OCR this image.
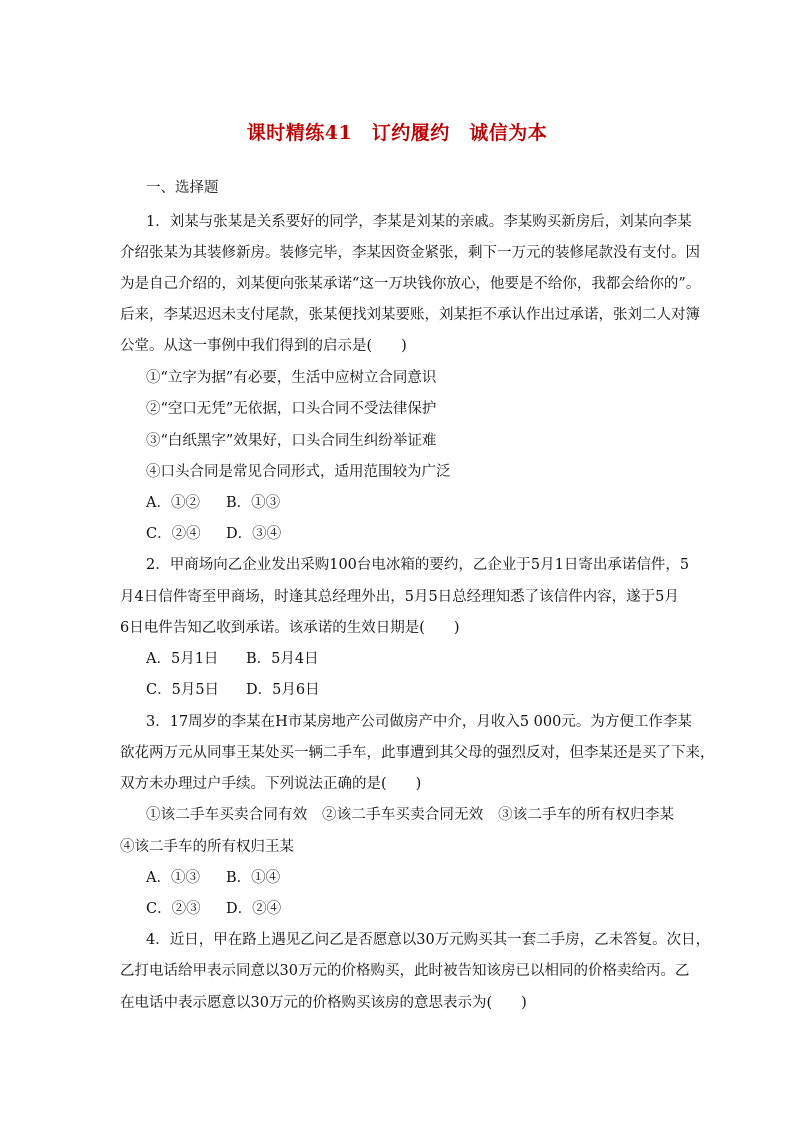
课时精练41　订约履约　诚信为本
一、选择题
1．刘某与张某是关系要好的同学，李某是刘某的亲戚。李某购买新房后，刘某向李某
介绍张某为其装修新房。装修完毕，李某因资金紧张，剩下一万元的装修尾款没有支付。因
为是自己介绍的，刘某便向张某承诺“这一万块钱你放心，他要是不给你，我都会给你的”。
后来，李某迟迟未支付尾款，张某便找刘某要账，刘某拒不承认作出过承诺，张刘二人对簿
公堂。从这一事例中我们得到的启示是(　　)
①“立字为据”有必要，生活中应树立合同意识
②“空口无凭”无依据，口头合同不受法律保护
③“白纸黑字”效果好，口头合同生纠纷举证难
④口头合同是常见合同形式，适用范围较为广泛
A．①② B．①③
C．②④ D．③④
2．甲商场向乙企业发出采购100台电冰箱的要约，乙企业于5月1日寄出承诺信件，5
月4日信件寄至甲商场，时逢其总经理外出，5月5日总经理知悉了该信件内容，遂于5月
6日电件告知乙收到承诺。该承诺的生效日期是(　　)
A．5月1日 B．5月4日
C．5月5日 D．5月6日
3．17周岁的李某在H市某房地产公司做房产中介，月收入5 000元。为方便工作李某
欲花两万元从同事王某处买一辆二手车，此事遭到其父母的强烈反对，但李某还是买了下来，
双方未办理过户手续。下列说法正确的是(　　)
①该二手车买卖合同有效　②该二手车买卖合同无效　③该二手车的所有权归李某
④该二手车的所有权归王某
A．①③ B．①④
C．②③ D．②④
4．近日，甲在路上遇见乙问乙是否愿意以30万元购买其一套二手房，乙未答复。次日，
乙打电话给甲表示同意以30万元的价格购买，此时被告知该房已以相同的价格卖给丙。乙
在电话中表示愿意以30万元的价格购买该房的意思表示为(　　)
